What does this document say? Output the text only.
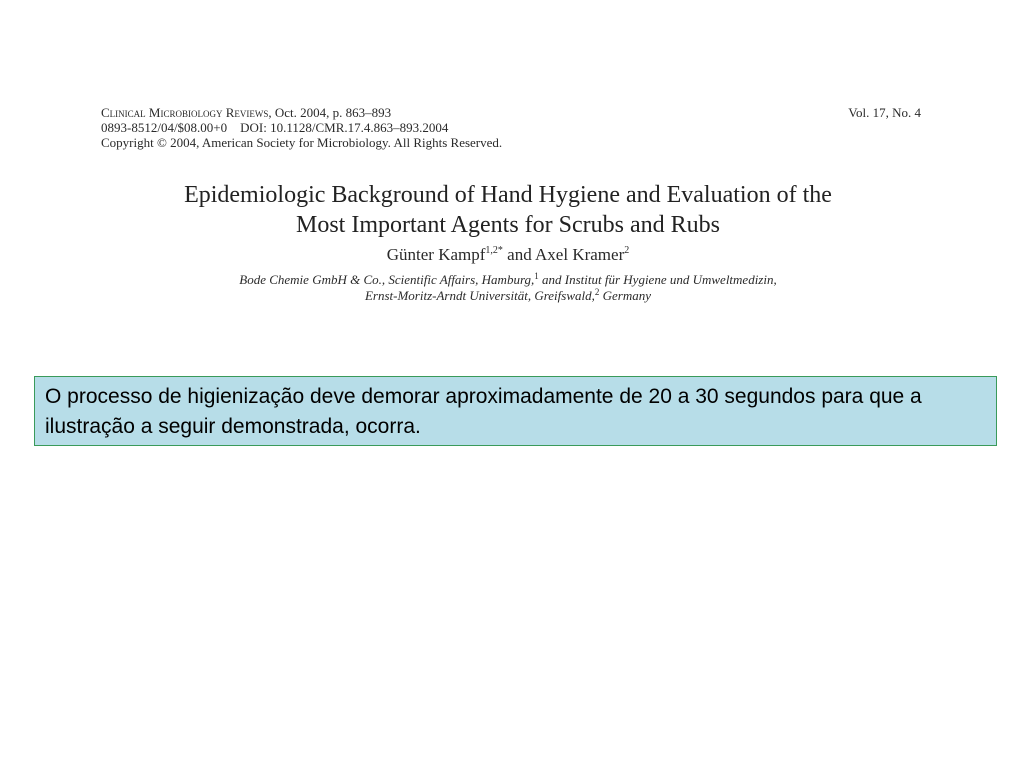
Clinical Microbiology Reviews, Oct. 2004, p. 863–893	Vol. 17, No. 4
0893-8512/04/$08.00+0    DOI: 10.1128/CMR.17.4.863–893.2004
Copyright © 2004, American Society for Microbiology. All Rights Reserved.
Epidemiologic Background of Hand Hygiene and Evaluation of the
Most Important Agents for Scrubs and Rubs
Günter Kampf$^{1,2*}$ and Axel Kramer$^2$
Bode Chemie GmbH & Co., Scientific Affairs, Hamburg,$^1$ and Institut für Hygiene und Umweltmedizin,
Ernst-Moritz-Arndt Universität, Greifswald,$^2$ Germany
O processo de higienização deve demorar aproximadamente de 20 a 30 segundos para que a ilustração a seguir demonstrada, ocorra.
